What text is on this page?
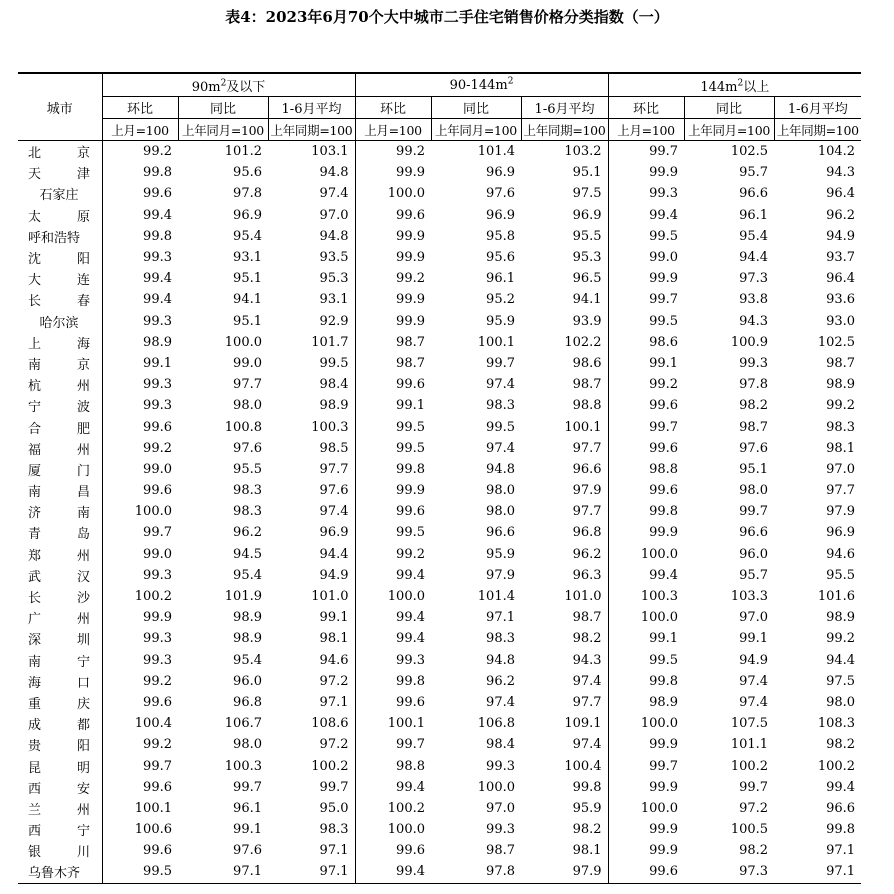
表4：2023年6月70个大中城市二手住宅销售价格分类指数（一）
城市	$90m^2$及以下			$90-144m^2$			$144m^2$以上		
	环比	同比	1-6月平均	环比	同比	1-6月平均	环比	同比	1-6月平均
	上月=100	上年同月=100	上年同期=100	上月=100	上年同月=100	上年同期=100	上月=100	上年同月=100	上年同期=100

北 京	99.2	101.2	103.1	99.2	101.4	103.2	99.7	102.5	104.2

天 津	99.8	95.6	94.8	99.9	96.9	95.1	99.9	95.7	94.3

石家庄	99.6	97.8	97.4	100.0	97.6	97.5	99.3	96.6	96.4

太 原	99.4	96.9	97.0	99.6	96.9	96.9	99.4	96.1	96.2

呼和浩特	99.8	95.4	94.8	99.9	95.8	95.5	99.5	95.4	94.9

沈 阳	99.3	93.1	93.5	99.9	95.6	95.3	99.0	94.4	93.7

大 连	99.4	95.1	95.3	99.2	96.1	96.5	99.9	97.3	96.4

长 春	99.4	94.1	93.1	99.9	95.2	94.1	99.7	93.8	93.6

哈尔滨	99.3	95.1	92.9	99.9	95.9	93.9	99.5	94.3	93.0

上 海	98.9	100.0	101.7	98.7	100.1	102.2	98.6	100.9	102.5

南 京	99.1	99.0	99.5	98.7	99.7	98.6	99.1	99.3	98.7

杭 州	99.3	97.7	98.4	99.6	97.4	98.7	99.2	97.8	98.9

宁 波	99.3	98.0	98.9	99.1	98.3	98.8	99.6	98.2	99.2

合 肥	99.6	100.8	100.3	99.5	99.5	100.1	99.7	98.7	98.3

福 州	99.2	97.6	98.5	99.5	97.4	97.7	99.6	97.6	98.1

厦 门	99.0	95.5	97.7	99.8	94.8	96.6	98.8	95.1	97.0

南 昌	99.6	98.3	97.6	99.9	98.0	97.9	99.6	98.0	97.7

济 南	100.0	98.3	97.4	99.6	98.0	97.7	99.8	99.7	97.9

青 岛	99.7	96.2	96.9	99.5	96.6	96.8	99.9	96.6	96.9

郑 州	99.0	94.5	94.4	99.2	95.9	96.2	100.0	96.0	94.6

武 汉	99.3	95.4	94.9	99.4	97.9	96.3	99.4	95.7	95.5

长 沙	100.2	101.9	101.0	100.0	101.4	101.0	100.3	103.3	101.6

广 州	99.9	98.9	99.1	99.4	97.1	98.7	100.0	97.0	98.9

深 圳	99.3	98.9	98.1	99.4	98.3	98.2	99.1	99.1	99.2

南 宁	99.3	95.4	94.6	99.3	94.8	94.3	99.5	94.9	94.4

海 口	99.2	96.0	97.2	99.8	96.2	97.4	99.8	97.4	97.5

重 庆	99.6	96.8	97.1	99.6	97.4	97.7	98.9	97.4	98.0

成 都	100.4	106.7	108.6	100.1	106.8	109.1	100.0	107.5	108.3

贵 阳	99.2	98.0	97.2	99.7	98.4	97.4	99.9	101.1	98.2

昆 明	99.7	100.3	100.2	98.8	99.3	100.4	99.7	100.2	100.2

西 安	99.6	99.7	99.7	99.4	100.0	99.8	99.9	99.7	99.4

兰 州	100.1	96.1	95.0	100.2	97.0	95.9	100.0	97.2	96.6

西 宁	100.6	99.1	98.3	100.0	99.3	98.2	99.9	100.5	99.8

银 川	99.6	97.6	97.1	99.6	98.7	98.1	99.9	98.2	97.1

乌鲁木齐	99.5	97.1	97.1	99.4	97.8	97.9	99.6	97.3	97.1
